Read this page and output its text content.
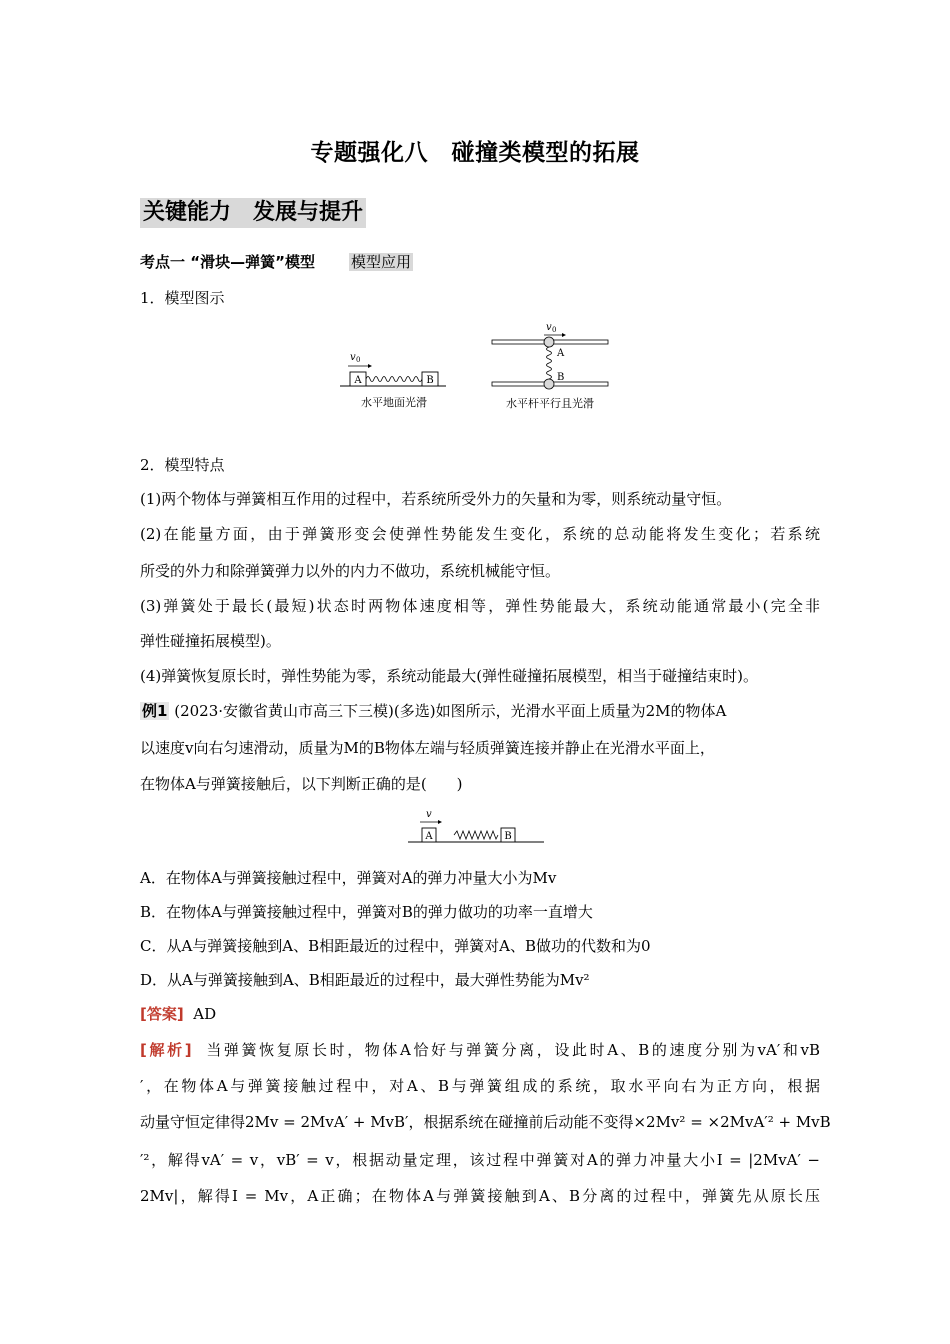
专题强化八　碰撞类模型的拓展
关键能力　发展与提升
考点一 “滑块—弹簧”模型 模型应用
1．模型图示
v 0
A	B
水平地面光滑
v 0
A
B
水平杆平行且光滑
2．模型特点
(1)两个物体与弹簧相互作用的过程中，若系统所受外力的矢量和为零，则系统动量守恒。
(2)在能量方面，由于弹簧形变会使弹性势能发生变化，系统的总动能将发生变化；若系统
所受的外力和除弹簧弹力以外的内力不做功，系统机械能守恒。
(3)弹簧处于最长(最短)状态时两物体速度相等，弹性势能最大，系统动能通常最小(完全非
弹性碰撞拓展模型)。
(4)弹簧恢复原长时，弹性势能为零，系统动能最大(弹性碰撞拓展模型，相当于碰撞结束时)。
例1 (2023·安徽省黄山市高三下三模)(多选)如图所示，光滑水平面上质量为2M的物体A
以速度v向右匀速滑动，质量为M的B物体左端与轻质弹簧连接并静止在光滑水平面上，
在物体A与弹簧接触后，以下判断正确的是(　　)
v
A	B
A．在物体A与弹簧接触过程中，弹簧对A的弹力冲量大小为Mv
B．在物体A与弹簧接触过程中，弹簧对B的弹力做功的功率一直增大
C．从A与弹簧接触到A、B相距最近的过程中，弹簧对A、B做功的代数和为0
D．从A与弹簧接触到A、B相距最近的过程中，最大弹性势能为Mv²
[答案] AD
[解析] 当弹簧恢复原长时，物体A恰好与弹簧分离，设此时A、B的速度分别为vA′和vB
′，在物体A与弹簧接触过程中，对A、B与弹簧组成的系统，取水平向右为正方向，根据
动量守恒定律得2Mv = 2MvA′ + MvB′，根据系统在碰撞前后动能不变得×2Mv² = ×2MvA′² + MvB
′²，解得vA′ = v，vB′ = v，根据动量定理，该过程中弹簧对A的弹力冲量大小I = |2MvA′ −
2Mv|，解得I = Mv，A正确；在物体A与弹簧接触到A、B分离的过程中，弹簧先从原长压
